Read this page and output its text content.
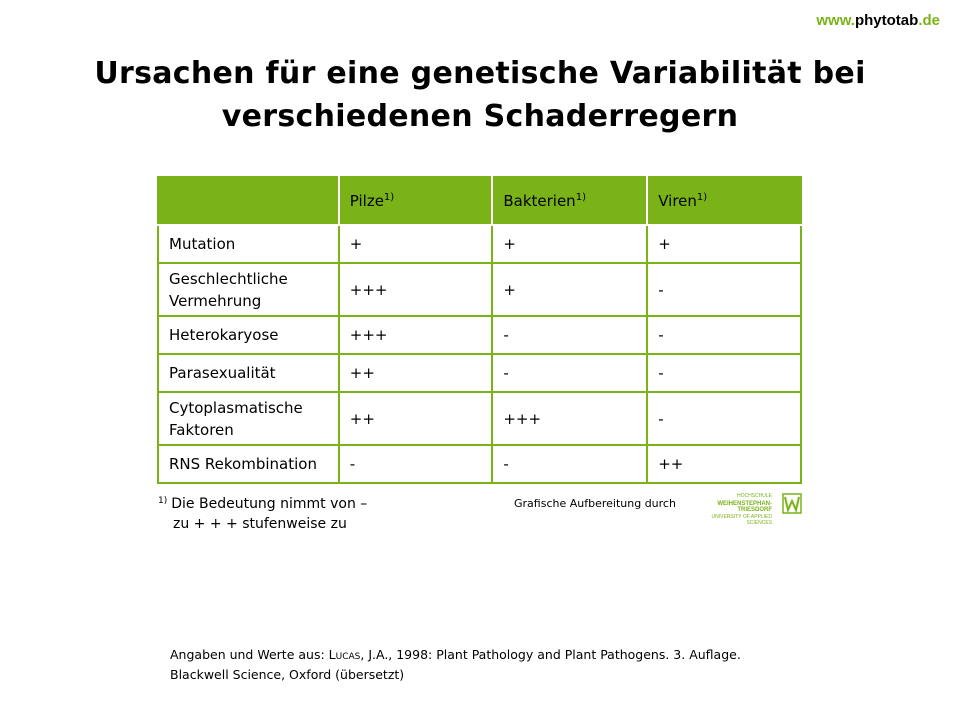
www.phytotab.de
Ursachen für eine genetische Variabilität bei
verschiedenen Schaderregern
	Pilze$^{1)}$	Bakterien$^{1)}$	Viren$^{1)}$
Mutation	+	+	+
Geschlechtliche
Vermehrung	+++	+	-
Heterokaryose	+++	-	-
Parasexualität	++	-	-
Cytoplasmatische
Faktoren	++	+++	-
RNS Rekombination	-	-	++
$^{1)}$ Die Bedeutung nimmt von –
zu + + + stufenweise zu
Grafische Aufbereitung durch
HOCHSCHULE
WEIHENSTEPHAN-TRIESDORF
UNIVERSITY OF APPLIED SCIENCES
Angaben und Werte aus: Lucas, J.A., 1998: Plant Pathology and Plant Pathogens. 3. Auflage.
Blackwell Science, Oxford (übersetzt)
